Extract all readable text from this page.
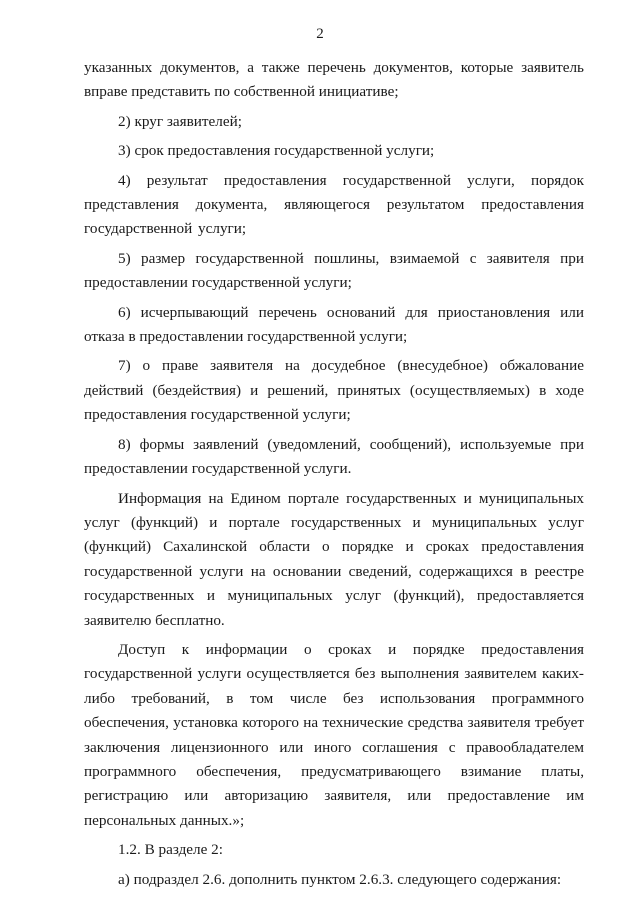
2

указанных документов, а также перечень документов, которые заявитель вправе представить по собственной инициативе;

2) круг заявителей;

3) срок предоставления государственной услуги;

4) результат предоставления государственной услуги, порядок представления документа, являющегося результатом предоставления государственной услуги;

5) размер государственной пошлины, взимаемой с заявителя при предоставлении государственной услуги;

6) исчерпывающий перечень оснований для приостановления или отказа в предоставлении государственной услуги;

7) о праве заявителя на досудебное (внесудебное) обжалование действий (бездействия) и решений, принятых (осуществляемых) в ходе предоставления государственной услуги;

8) формы заявлений (уведомлений, сообщений), используемые при предоставлении государственной услуги.

Информация на Едином портале государственных и муниципальных услуг (функций) и портале государственных и муниципальных услуг (функций) Сахалинской области о порядке и сроках предоставления государственной услуги на основании сведений, содержащихся в реестре государственных и муниципальных услуг (функций), предоставляется заявителю бесплатно.

Доступ к информации о сроках и порядке предоставления государственной услуги осуществляется без выполнения заявителем каких-либо требований, в том числе без использования программного обеспечения, установка которого на технические средства заявителя требует заключения лицензионного или иного соглашения с правообладателем программного обеспечения, предусматривающего взимание платы, регистрацию или авторизацию заявителя, или предоставление им персональных данных.»;

1.2. В разделе 2:

а) подраздел 2.6. дополнить пунктом 2.6.3. следующего содержания:
